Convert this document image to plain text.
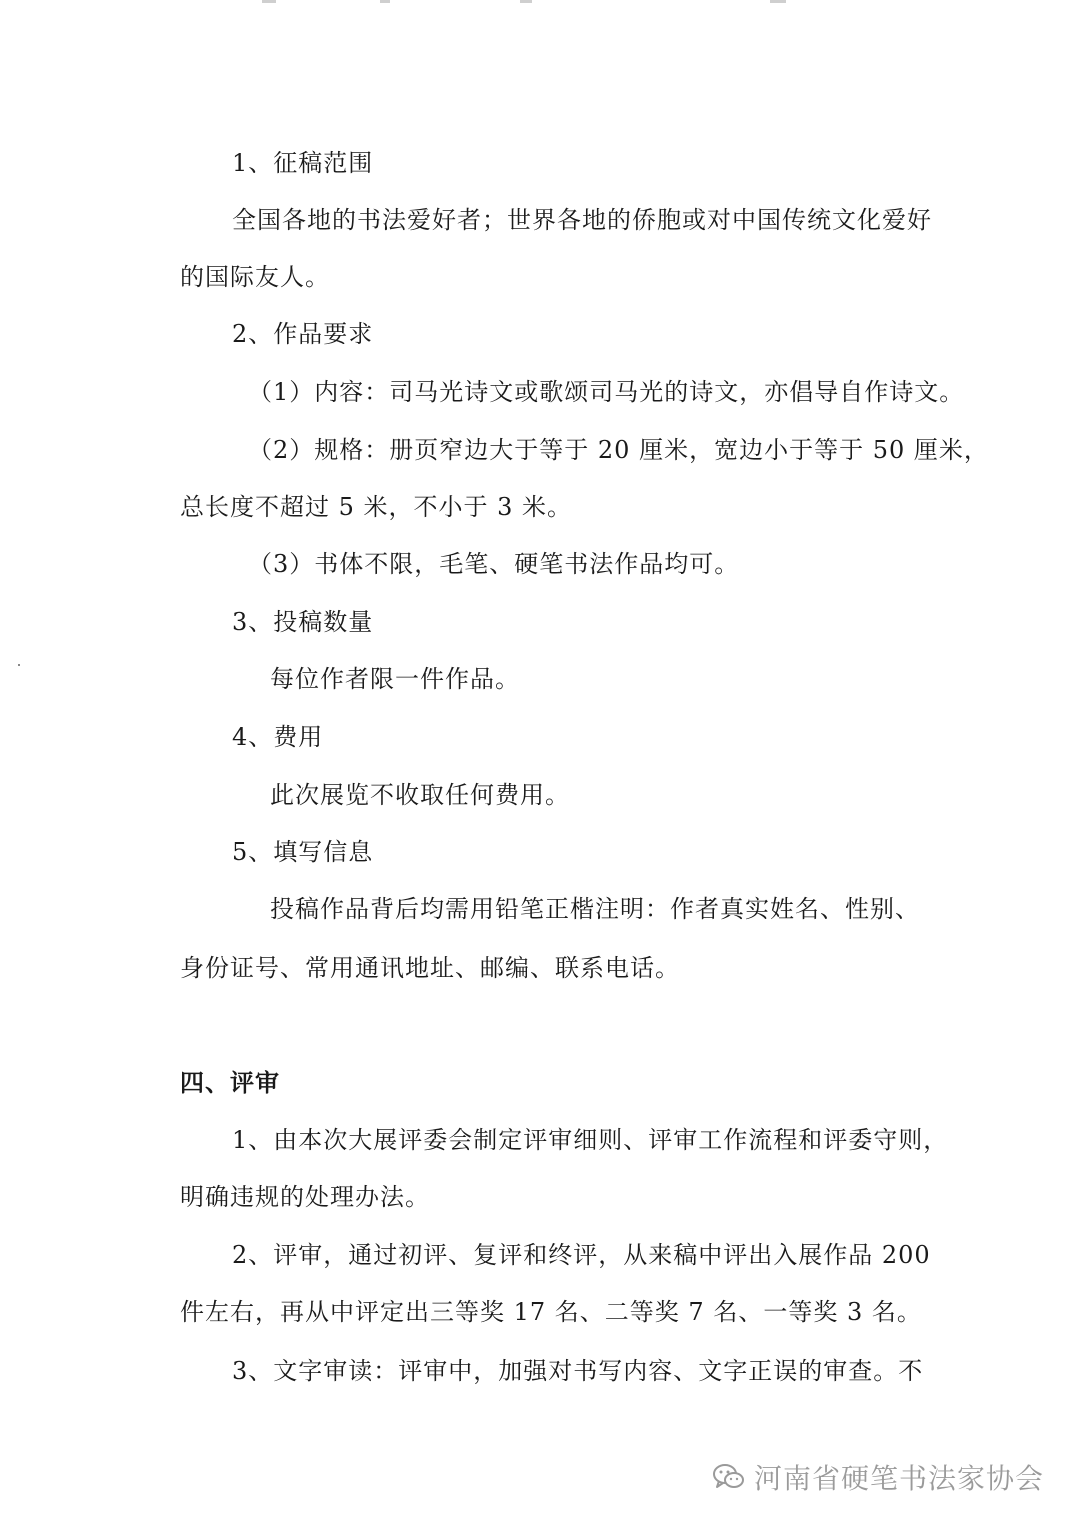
1、征稿范围
全国各地的书法爱好者；世界各地的侨胞或对中国传统文化爱好
的国际友人。
2、作品要求
（1）内容：司马光诗文或歌颂司马光的诗文，亦倡导自作诗文。
（2）规格：册页窄边大于等于 20 厘米，宽边小于等于 50 厘米，
总长度不超过 5 米，不小于 3 米。
（3）书体不限，毛笔、硬笔书法作品均可。
3、投稿数量
每位作者限一件作品。
4、费用
此次展览不收取任何费用。
5、填写信息
投稿作品背后均需用铅笔正楷注明：作者真实姓名、性别、
身份证号、常用通讯地址、邮编、联系电话。
四、评审
1、由本次大展评委会制定评审细则、评审工作流程和评委守则，
明确违规的处理办法。
2、评审，通过初评、复评和终评，从来稿中评出入展作品 200
件左右，再从中评定出三等奖 17 名、二等奖 7 名、一等奖 3 名。
3、文字审读：评审中，加强对书写内容、文字正误的审查。不
河南省硬笔书法家协会
